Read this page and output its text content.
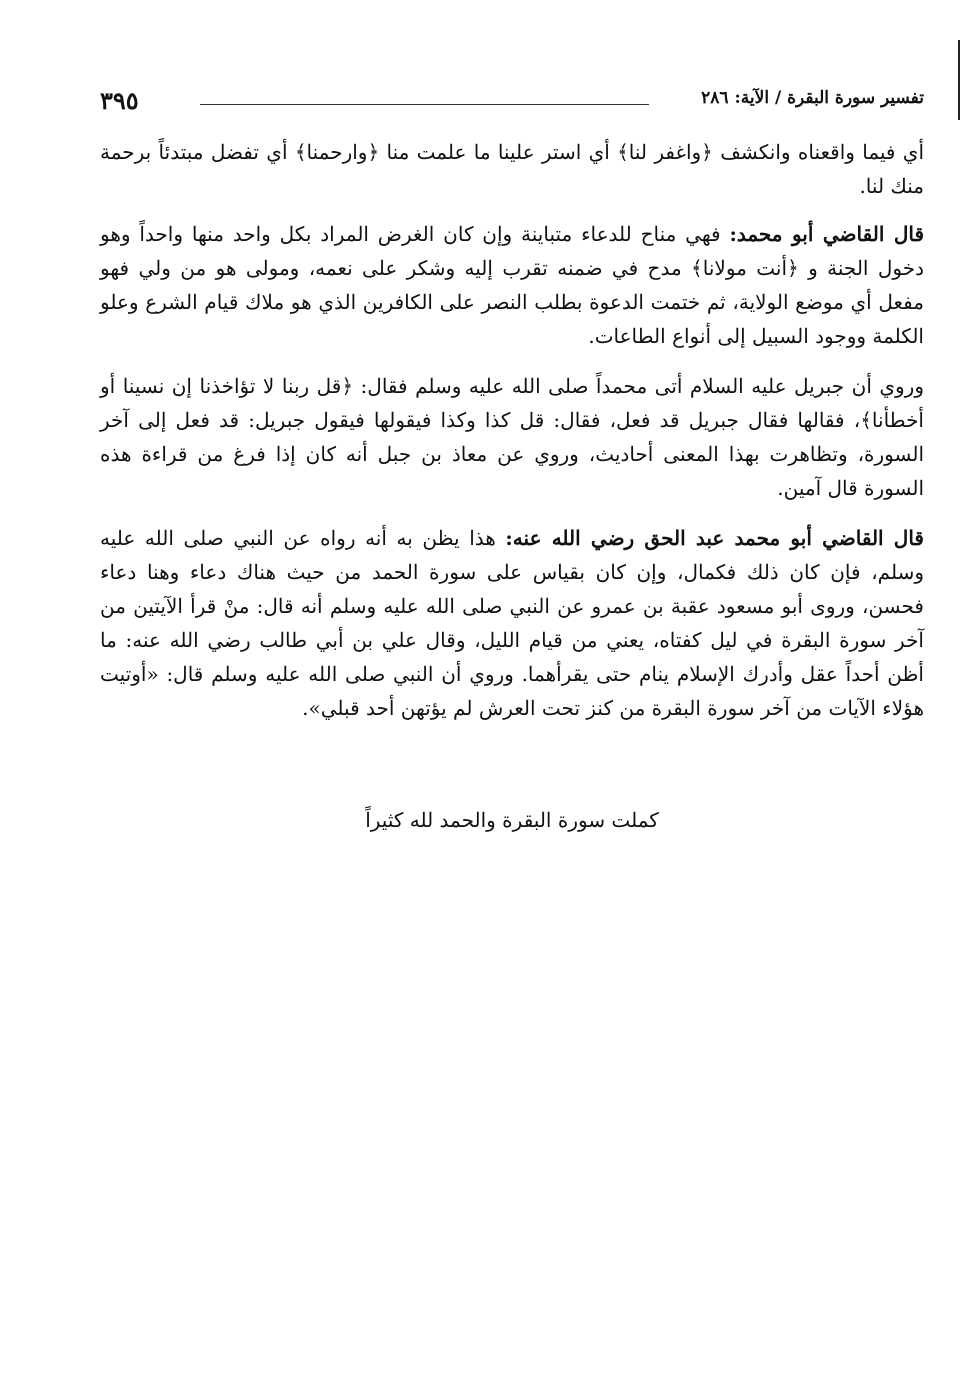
تفسير سورة البقرة / الآية: ٢٨٦
٣٩٥

أي فيما واقعناه وانكشف ﴿واغفر لنا﴾ أي استر علينا ما علمت منا ﴿وارحمنا﴾ أي تفضل مبتدئاً برحمة منك لنا.

قال القاضي أبو محمد: فهي مناح للدعاء متباينة وإن كان الغرض المراد بكل واحد منها واحداً وهو دخول الجنة و ﴿أنت مولانا﴾ مدح في ضمنه تقرب إليه وشكر على نعمه، ومولى هو من ولي فهو مفعل أي موضع الولاية، ثم ختمت الدعوة بطلب النصر على الكافرين الذي هو ملاك قيام الشرع وعلو الكلمة ووجود السبيل إلى أنواع الطاعات.

وروي أن جبريل عليه السلام أتى محمداً صلى الله عليه وسلم فقال: ﴿قل ربنا لا تؤاخذنا إن نسينا أو أخطأنا﴾، فقالها فقال جبريل قد فعل، فقال: قل كذا وكذا فيقولها فيقول جبريل: قد فعل إلى آخر السورة، وتظاهرت بهذا المعنى أحاديث، وروي عن معاذ بن جبل أنه كان إذا فرغ من قراءة هذه السورة قال آمين.

قال القاضي أبو محمد عبد الحق رضي الله عنه: هذا يظن به أنه رواه عن النبي صلى الله عليه وسلم، فإن كان ذلك فكمال، وإن كان بقياس على سورة الحمد من حيث هناك دعاء وهنا دعاء فحسن، وروى أبو مسعود عقبة بن عمرو عن النبي صلى الله عليه وسلم أنه قال: منْ قرأ الآيتين من آخر سورة البقرة في ليل كفتاه، يعني من قيام الليل، وقال علي بن أبي طالب رضي الله عنه: ما أظن أحداً عقل وأدرك الإسلام ينام حتى يقرأهما. وروي أن النبي صلى الله عليه وسلم قال: «أوتيت هؤلاء الآيات من آخر سورة البقرة من كنز تحت العرش لم يؤتهن أحد قبلي».

كملت سورة البقرة والحمد لله كثيراً
